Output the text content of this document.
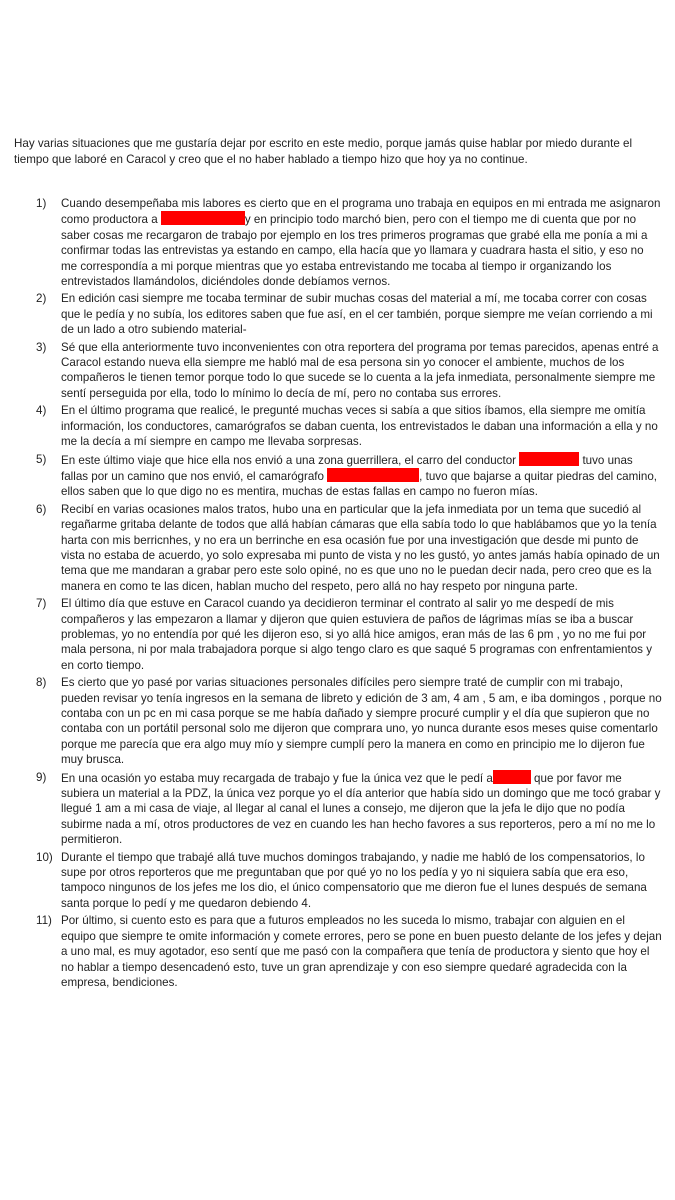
Hay varias situaciones que me gustaría dejar por escrito en este medio, porque jamás quise hablar por miedo durante el tiempo que laboré en Caracol y creo que el no haber hablado a tiempo hizo que hoy ya no continue.

1) Cuando desempeñaba mis labores es cierto que en el programa uno trabaja en equipos en mi entrada me asignaron como productora a	y en principio todo marchó bien, pero con el tiempo me di cuenta que por no saber cosas me recargaron de trabajo por ejemplo en los tres primeros programas que grabé ella me ponía a mi a confirmar todas las entrevistas ya estando en campo, ella hacía que yo llamara y cuadrara hasta el sitio, y eso no me correspondía a mi porque mientras que yo estaba entrevistando me tocaba al tiempo ir organizando los entrevistados llamándolos, diciéndoles donde debíamos vernos.
2) En edición casi siempre me tocaba terminar de subir muchas cosas del material a mí, me tocaba correr con cosas que le pedía y no subía, los editores saben que fue así, en el cer también, porque siempre me veían corriendo a mi de un lado a otro subiendo material-
3) Sé que ella anteriormente tuvo inconvenientes con otra reportera del programa por temas parecidos, apenas entré a Caracol estando nueva ella siempre me habló mal de esa persona sin yo conocer el ambiente, muchos de los compañeros le tienen temor porque todo lo que sucede se lo cuenta a la jefa inmediata, personalmente siempre me sentí perseguida por ella, todo lo mínimo lo decía de mí, pero no contaba sus errores.
4) En el último programa que realicé, le pregunté muchas veces si sabía a que sitios íbamos, ella siempre me omitía información, los conductores, camarógrafos se daban cuenta, los entrevistados le daban una información a ella y no me la decía a mí siempre en campo me llevaba sorpresas.
5) En este último viaje que hice ella nos envió a una zona guerrillera, el carro del conductor	tuvo unas fallas por un camino que nos envió, el camarógrafo	, tuvo que bajarse a quitar piedras del camino, ellos saben que lo que digo no es mentira, muchas de estas fallas en campo no fueron mías.
6) Recibí en varias ocasiones malos tratos, hubo una en particular que la jefa inmediata por un tema que sucedió al regañarme gritaba delante de todos que allá habían cámaras que ella sabía todo lo que hablábamos que yo la tenía harta con mis berricnhes, y no era un berrinche en esa ocasión fue por una investigación que desde mi punto de vista no estaba de acuerdo, yo solo expresaba mi punto de vista y no les gustó, yo antes jamás había opinado de un tema que me mandaran a grabar pero este solo opiné, no es que uno no le puedan decir nada, pero creo que es la manera en como te las dicen, hablan mucho del respeto, pero allá no hay respeto por ninguna parte.
7) El último día que estuve en Caracol cuando ya decidieron terminar el contrato al salir yo me despedí de mis compañeros y las empezaron a llamar y dijeron que quien estuviera de paños de lágrimas mías se iba a buscar problemas, yo no entendía por qué les dijeron eso, si yo allá hice amigos, eran más de las 6 pm , yo no me fui por mala persona, ni por mala trabajadora porque si algo tengo claro es que saqué 5 programas con enfrentamientos y en corto tiempo.
8) Es cierto que yo pasé por varias situaciones personales difíciles pero siempre traté de cumplir con mi trabajo, pueden revisar yo tenía ingresos en la semana de libreto y edición de 3 am, 4 am , 5 am, e iba domingos , porque no contaba con un pc en mi casa porque se me había dañado y siempre procuré cumplir y el día que supieron que no contaba con un portátil personal solo me dijeron que comprara uno, yo nunca durante esos meses quise comentarlo porque me parecía que era algo muy mío y siempre cumplí pero la manera en como en principio me lo dijeron fue muy brusca.
9) En una ocasión yo estaba muy recargada de trabajo y fue la única vez que le pedí a	que por favor me subiera un material a la PDZ, la única vez porque yo el día anterior que había sido un domingo que me tocó grabar y llegué 1 am a mi casa de viaje, al llegar al canal el lunes a consejo, me dijeron que la jefa le dijo que no podía subirme nada a mí, otros productores de vez en cuando les han hecho favores a sus reporteros, pero a mí no me lo permitieron.
10) Durante el tiempo que trabajé allá tuve muchos domingos trabajando, y nadie me habló de los compensatorios, lo supe por otros reporteros que me preguntaban que por qué yo no los pedía y yo ni siquiera sabía que era eso, tampoco ningunos de los jefes me los dio, el único compensatorio que me dieron fue el lunes después de semana santa porque lo pedí y me quedaron debiendo 4.
11) Por último, si cuento esto es para que a futuros empleados no les suceda lo mismo, trabajar con alguien en el equipo que siempre te omite información y comete errores, pero se pone en buen puesto delante de los jefes y dejan a uno mal, es muy agotador, eso sentí que me pasó con la compañera que tenía de productora y siento que hoy el no hablar a tiempo desencadenó esto, tuve un gran aprendizaje y con eso siempre quedaré agradecida con la empresa, bendiciones.
